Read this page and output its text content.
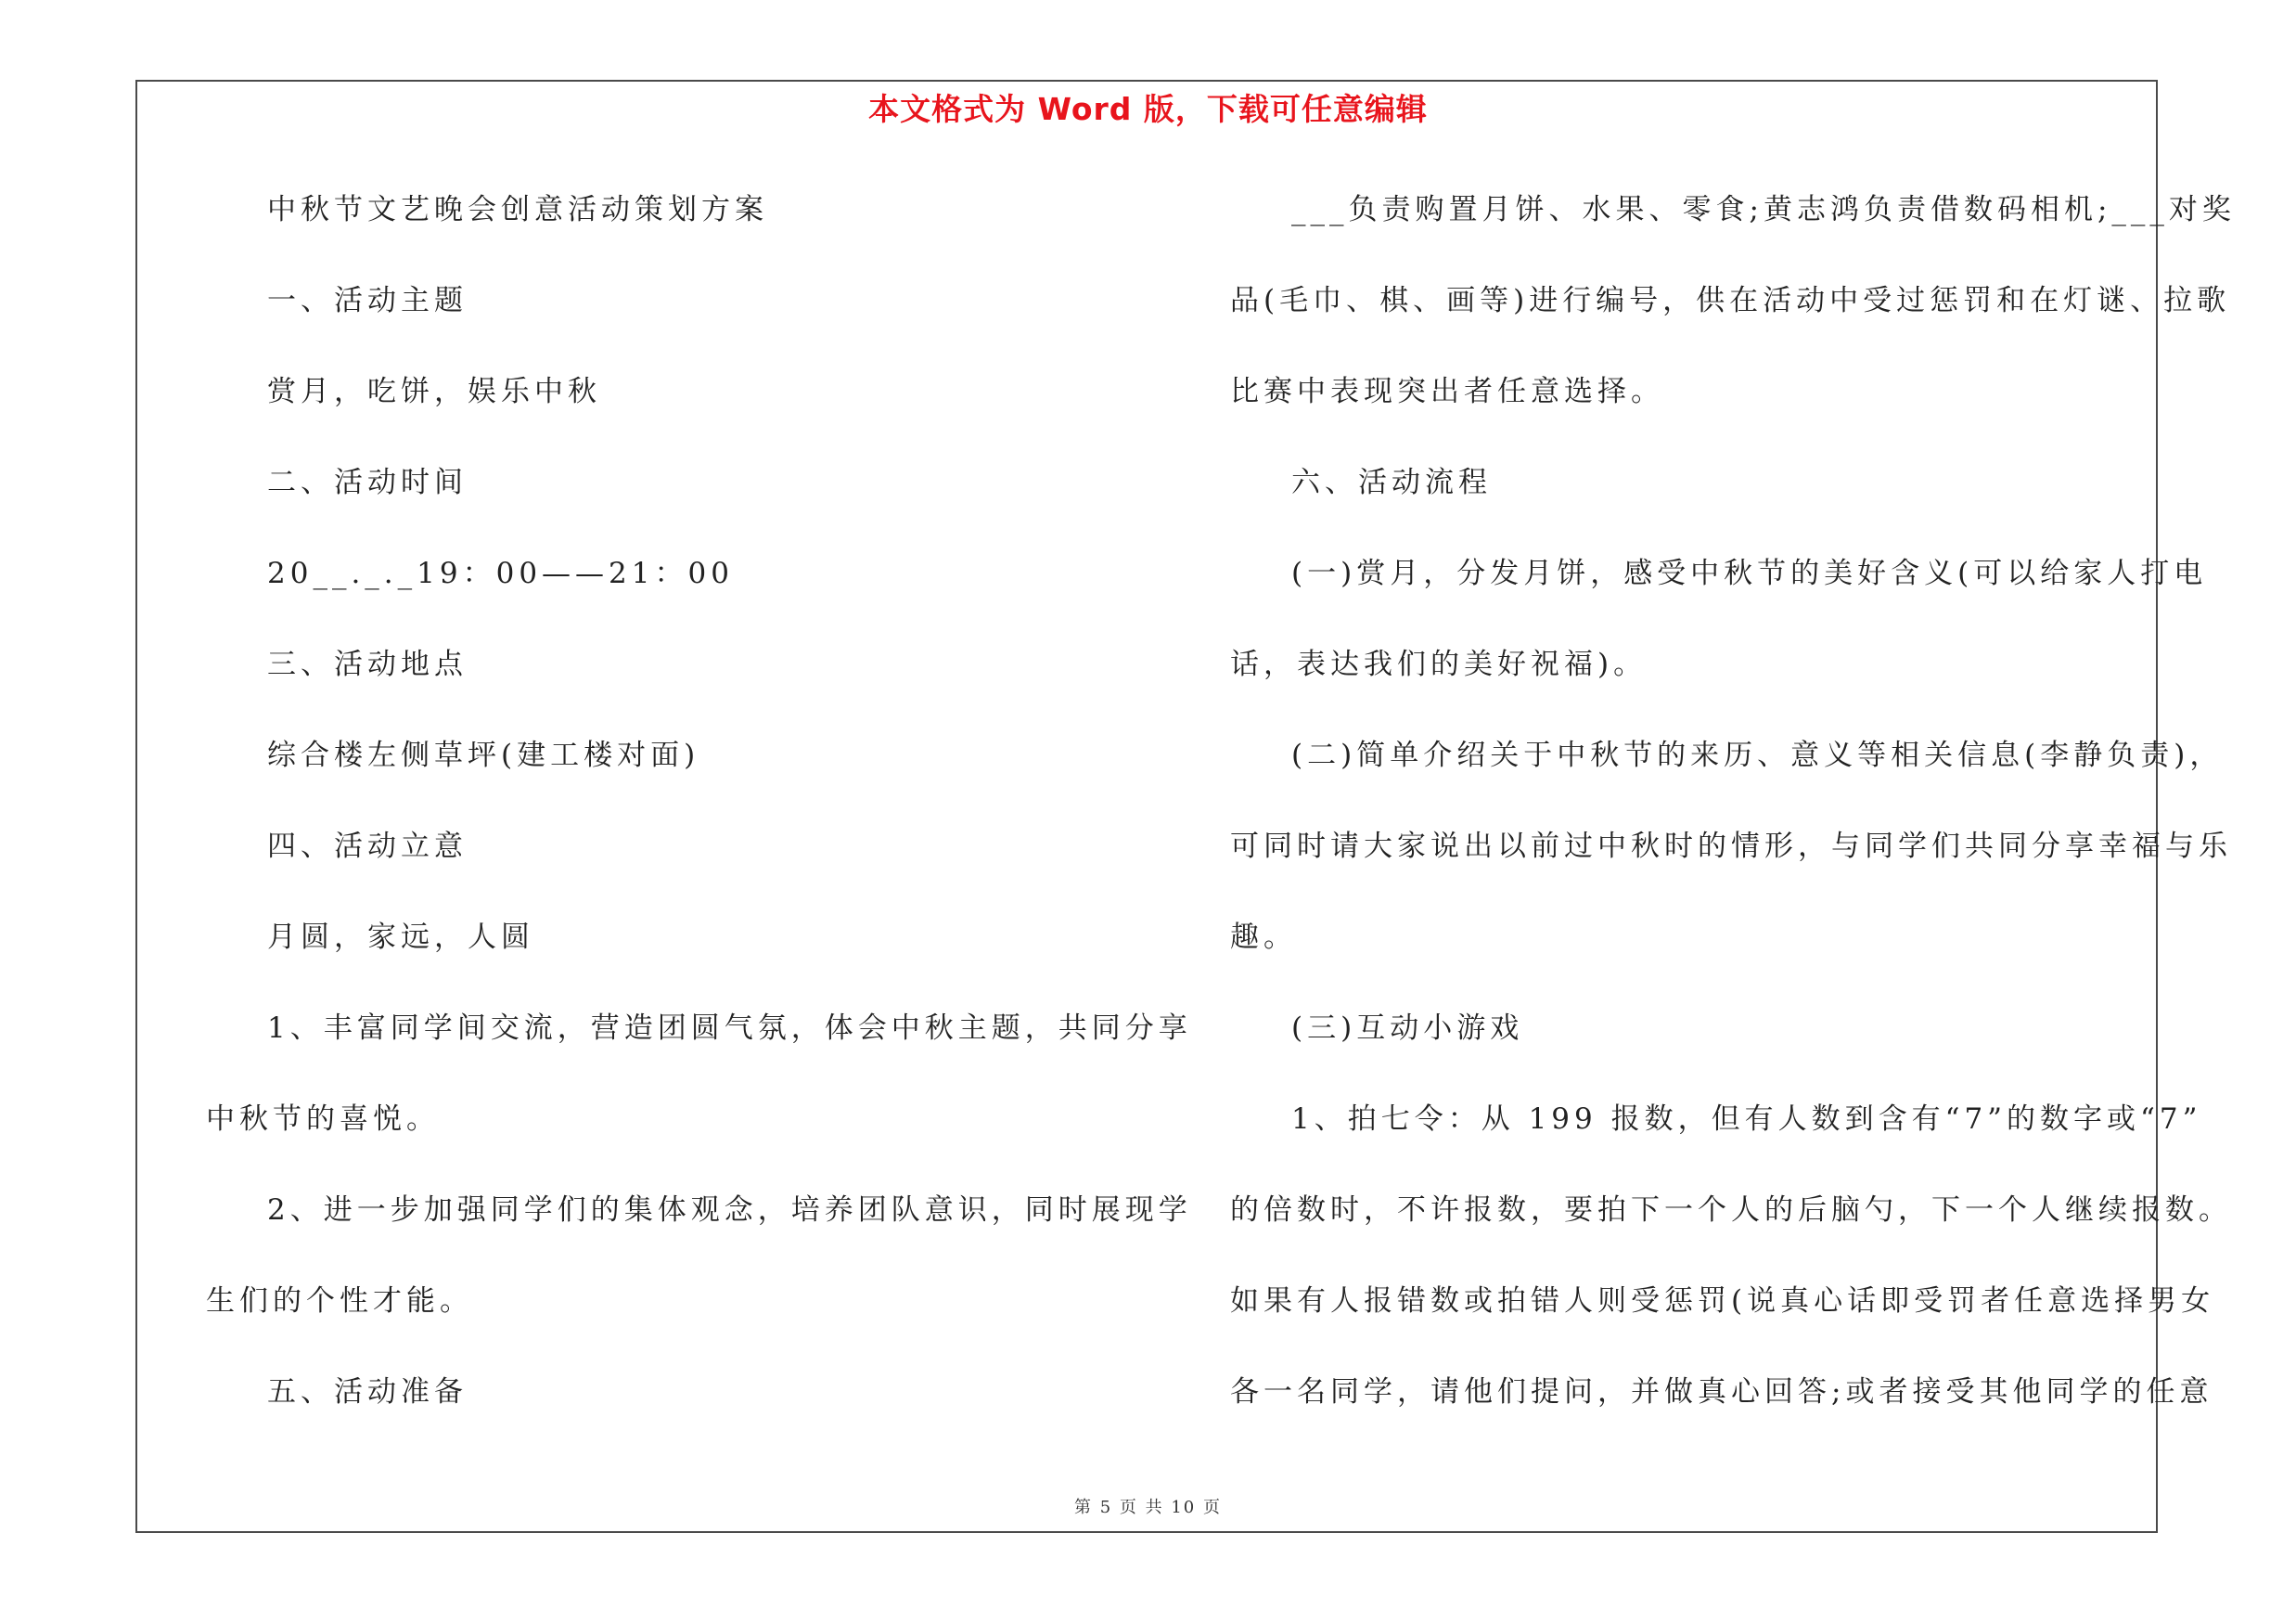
本文格式为 Word 版，下载可任意编辑
中秋节文艺晚会创意活动策划方案
一、活动主题
赏月，吃饼，娱乐中秋
二、活动时间
20__._._19：00——21：00
三、活动地点
综合楼左侧草坪(建工楼对面)
四、活动立意
月圆，家远，人圆
1、丰富同学间交流，营造团圆气氛，体会中秋主题，共同分享
中秋节的喜悦。
2、进一步加强同学们的集体观念，培养团队意识，同时展现学
生们的个性才能。
五、活动准备
___负责购置月饼、水果、零食;黄志鸿负责借数码相机;___对奖
品(毛巾、棋、画等)进行编号，供在活动中受过惩罚和在灯谜、拉歌
比赛中表现突出者任意选择。
六、活动流程
(一)赏月，分发月饼，感受中秋节的美好含义(可以给家人打电
话，表达我们的美好祝福)。
(二)简单介绍关于中秋节的来历、意义等相关信息(李静负责)，
可同时请大家说出以前过中秋时的情形，与同学们共同分享幸福与乐
趣。
(三)互动小游戏
1、拍七令：从 199 报数，但有人数到含有“7”的数字或“7”
的倍数时，不许报数，要拍下一个人的后脑勺，下一个人继续报数。
如果有人报错数或拍错人则受惩罚(说真心话即受罚者任意选择男女
各一名同学，请他们提问，并做真心回答;或者接受其他同学的任意
第 5 页 共 10 页
